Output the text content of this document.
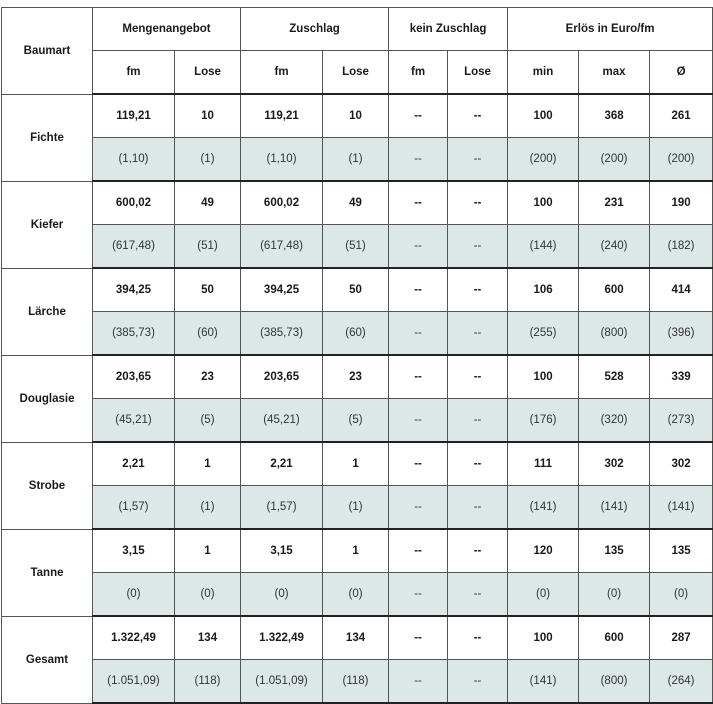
Baumart	Mengenangebot		Zuschlag		kein Zuschlag		Erlös in Euro/fm		
	fm	Lose	fm	Lose	fm	Lose	min	max	Ø
Fichte	119,21	10	119,21	10	--	--	100	368	261
	(1,10)	(1)	(1,10)	(1)	--	--	(200)	(200)	(200)
Kiefer	600,02	49	600,02	49	--	--	100	231	190
	(617,48)	(51)	(617,48)	(51)	--	--	(144)	(240)	(182)
Lärche	394,25	50	394,25	50	--	--	106	600	414
	(385,73)	(60)	(385,73)	(60)	--	--	(255)	(800)	(396)
Douglasie	203,65	23	203,65	23	--	--	100	528	339
	(45,21)	(5)	(45,21)	(5)	--	--	(176)	(320)	(273)
Strobe	2,21	1	2,21	1	--	--	111	302	302
	(1,57)	(1)	(1,57)	(1)	--	--	(141)	(141)	(141)
Tanne	3,15	1	3,15	1	--	--	120	135	135
	(0)	(0)	(0)	(0)	--	--	(0)	(0)	(0)
Gesamt	1.322,49	134	1.322,49	134	--	--	100	600	287
	(1.051,09)	(118)	(1.051,09)	(118)	--	--	(141)	(800)	(264)
